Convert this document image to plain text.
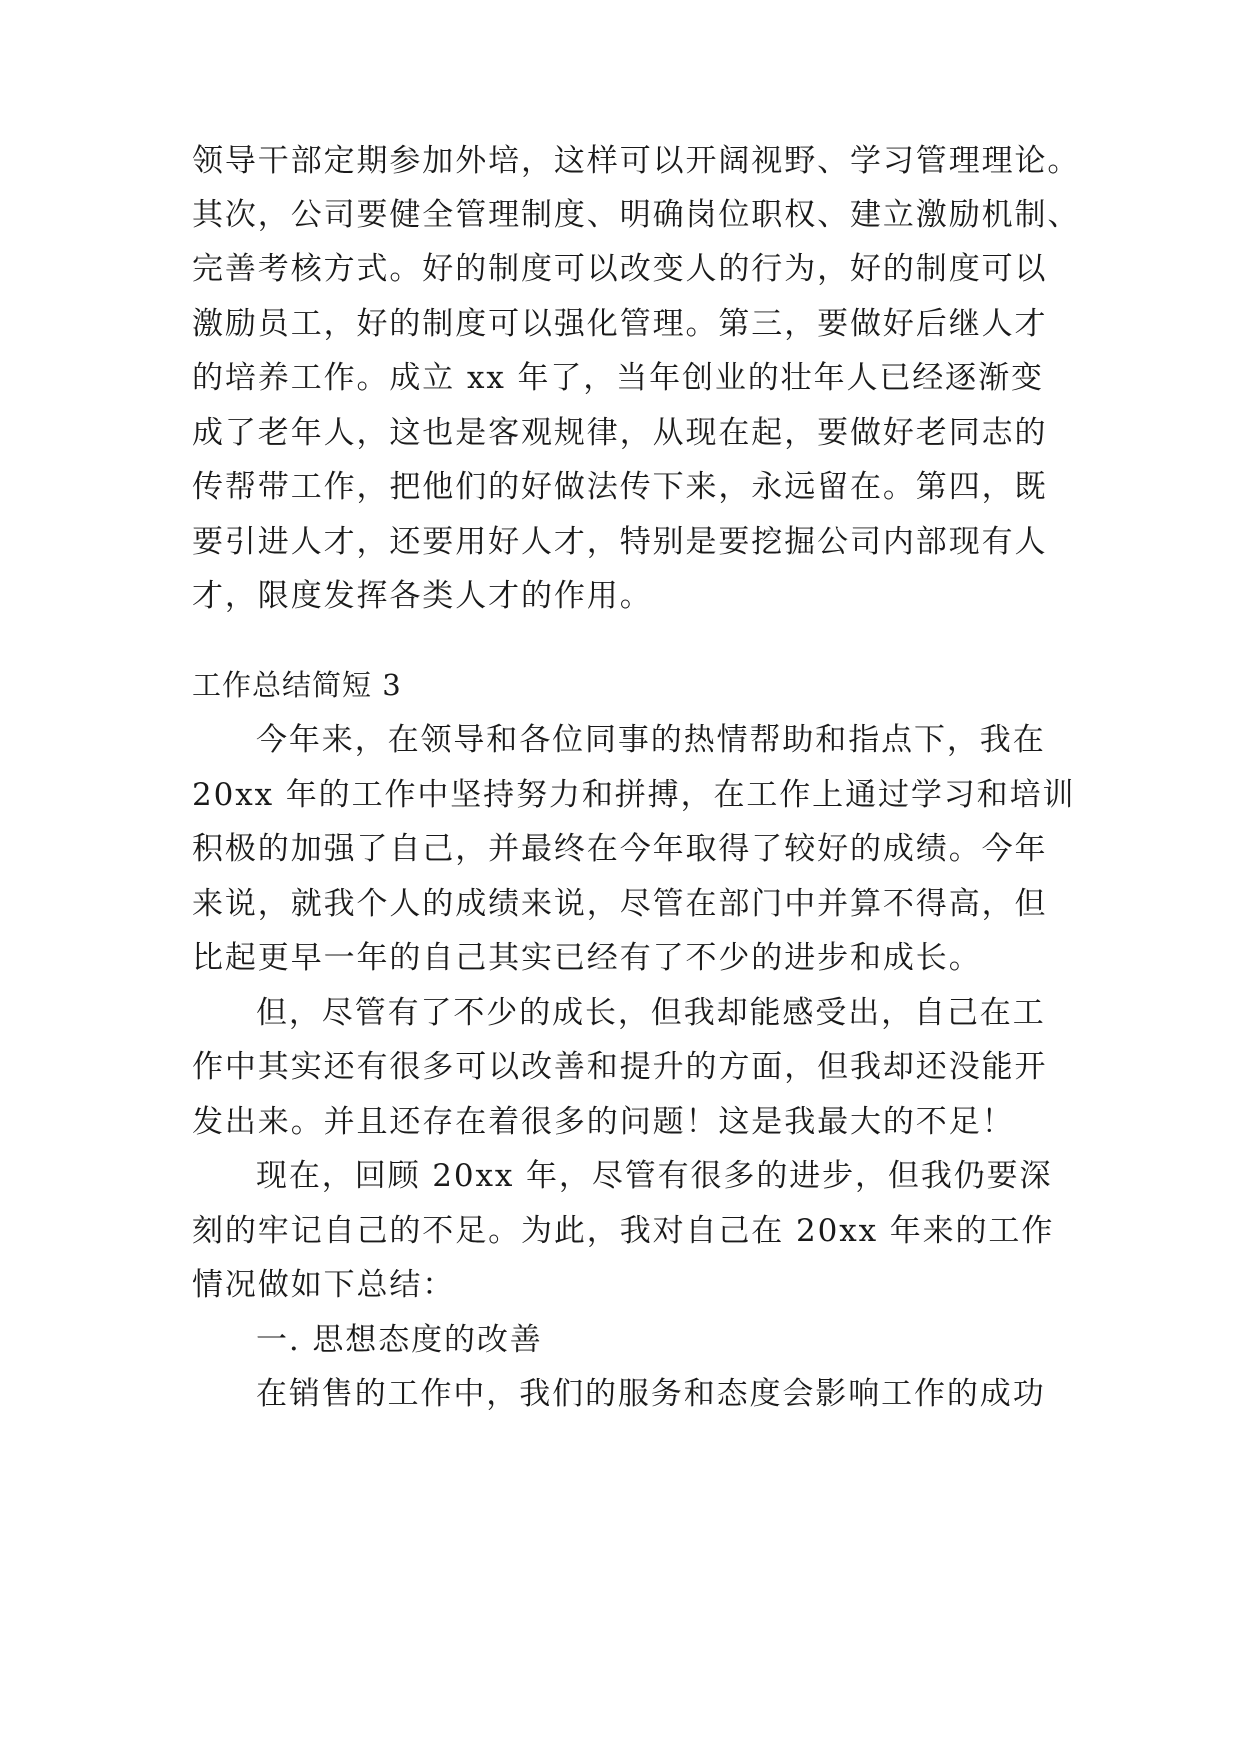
领导干部定期参加外培，这样可以开阔视野、学习管理理论。
其次，公司要健全管理制度、明确岗位职权、建立激励机制、
完善考核方式。好的制度可以改变人的行为，好的制度可以
激励员工，好的制度可以强化管理。第三，要做好后继人才
的培养工作。成立 xx 年了，当年创业的壮年人已经逐渐变
成了老年人，这也是客观规律，从现在起，要做好老同志的
传帮带工作，把他们的好做法传下来，永远留在。第四，既
要引进人才，还要用好人才，特别是要挖掘公司内部现有人
才，限度发挥各类人才的作用。
工作总结简短 3
今年来，在领导和各位同事的热情帮助和指点下，我在
20xx 年的工作中坚持努力和拼搏，在工作上通过学习和培训
积极的加强了自己，并最终在今年取得了较好的成绩。今年
来说，就我个人的成绩来说，尽管在部门中并算不得高，但
比起更早一年的自己其实已经有了不少的进步和成长。
但，尽管有了不少的成长，但我却能感受出，自己在工
作中其实还有很多可以改善和提升的方面，但我却还没能开
发出来。并且还存在着很多的问题！这是我最大的不足！
现在，回顾 20xx 年，尽管有很多的进步，但我仍要深
刻的牢记自己的不足。为此，我对自己在 20xx 年来的工作
情况做如下总结：
一. 思想态度的改善
在销售的工作中，我们的服务和态度会影响工作的成功
